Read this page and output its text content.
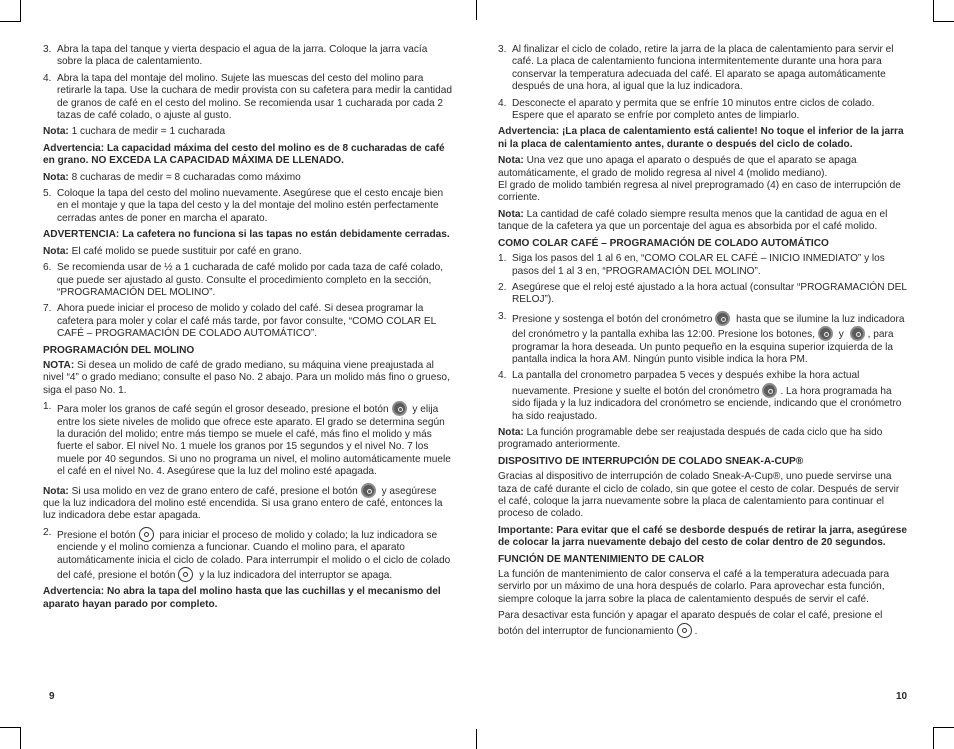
3. Abra la tapa del tanque y vierta despacio el agua de la jarra. Coloque la jarra vacía sobre la placa de calentamiento.
4. Abra la tapa del montaje del molino. Sujete las muescas del cesto del molino para retirarle la tapa. Use la cuchara de medir provista con su cafetera para medir la cantidad de granos de café en el cesto del molino. Se recomienda usar 1 cucharada por cada 2 tazas de café colado, o ajuste al gusto.

Nota: 1 cuchara de medir = 1 cucharada

Advertencia: La capacidad máxima del cesto del molino es de 8 cucharadas de café en grano. NO EXCEDA LA CAPACIDAD MÁXIMA DE LLENADO.

Nota: 8 cucharas de medir = 8 cucharadas como máximo

5. Coloque la tapa del cesto del molino nuevamente. Asegúrese que el cesto encaje bien en el montaje y que la tapa del cesto y la del montaje del molino estén perfectamente cerradas antes de poner en marcha el aparato.

ADVERTENCIA: La cafetera no funciona si las tapas no están debidamente cerradas.

Nota: El café molido se puede sustituir por café en grano.

6. Se recomienda usar de ½ a 1 cucharada de café molido por cada taza de café colado, que puede ser ajustado al gusto. Consulte el procedimiento completo en la sección, “PROGRAMACIÓN DEL MOLINO”.
7. Ahora puede iniciar el proceso de molido y colado del café. Si desea programar la cafetera para moler y colar el café más tarde, por favor consulte, “COMO COLAR EL CAFÉ – PROGRAMACIÓN DE COLADO AUTOMÁTICO”.

PROGRAMACIÓN DEL MOLINO

NOTA: Si desea un molido de café de grado mediano, su máquina viene preajustada al nivel “4” o grado mediano; consulte el paso No. 2 abajo. Para un molido más fino o grueso, siga el paso No. 1.

1. Para moler los granos de café según el grosor deseado, presione el botón y elija entre los siete niveles de molido que ofrece este aparato. El grado se determina según la duración del molido; entre más tiempo se muele el café, más fino el molido y más fuerte el sabor. El nivel No. 1 muele los granos por 15 segundos y el nivel No. 7 los muele por 40 segundos. Si uno no programa un nivel, el molino automáticamente muele el café en el nivel No. 4. Asegúrese que la luz del molino esté apagada.

Nota: Si usa molido en vez de grano entero de café, presione el botón y asegúrese que la luz indicadora del molino esté encendida. Si usa grano entero de café, entonces la luz indicadora debe estar apagada.

2. Presione el botón para iniciar el proceso de molido y colado; la luz indicadora se enciende y el molino comienza a funcionar. Cuando el molino para, el aparato automáticamente inicia el ciclo de colado. Para interrumpir el molido o el ciclo de colado del café, presione el botón y la luz indicadora del interruptor se apaga.

Advertencia: No abra la tapa del molino hasta que las cuchillas y el mecanismo del aparato hayan parado por completo.

3. Al finalizar el ciclo de colado, retire la jarra de la placa de calentamiento para servir el café. La placa de calentamiento funciona intermitentemente durante una hora para conservar la temperatura adecuada del café. El aparato se apaga automáticamente después de una hora, al igual que la luz indicadora.
4. Desconecte el aparato y permita que se enfríe 10 minutos entre ciclos de colado. Espere que el aparato se enfríe por completo antes de limpiarlo.

Advertencia: ¡La placa de calentamiento está caliente! No toque el inferior de la jarra ni la placa de calentamiento antes, durante o después del ciclo de colado.

Nota: Una vez que uno apaga el aparato o después de que el aparato se apaga automáticamente, el grado de molido regresa al nivel 4 (molido mediano).
El grado de molido también regresa al nivel preprogramado (4) en caso de interrupción de corriente.

Nota: La cantidad de café colado siempre resulta menos que la cantidad de agua en el tanque de la cafetera ya que un porcentaje del agua es absorbida por el café molido.

COMO COLAR CAFÉ – PROGRAMACIÓN DE COLADO AUTOMÁTICO

1. Siga los pasos del 1 al 6 en, “COMO COLAR EL CAFÉ – INICIO INMEDIATO” y los pasos del 1 al 3 en, “PROGRAMACIÓN DEL MOLINO”.
2. Asegúrese que el reloj esté ajustado a la hora actual (consultar “PROGRAMACIÓN DEL RELOJ”).
3. Presione y sostenga el botón del cronómetro hasta que se ilumine la luz indicadora del cronómetro y la pantalla exhiba las 12:00. Presione los botones, y , para programar la hora deseada. Un punto pequeño en la esquina superior izquierda de la pantalla indica la hora AM. Ningún punto visible indica la hora PM.
4. La pantalla del cronometro parpadea 5 veces y después exhibe la hora actual nuevamente. Presione y suelte el botón del cronómetro . La hora programada ha sido fijada y la luz indicadora del cronómetro se enciende, indicando que el cronómetro ha sido reajustado.

Nota: La función programable debe ser reajustada después de cada ciclo que ha sido programado anteriormente.

DISPOSITIVO DE INTERRUPCIÓN DE COLADO SNEAK-A-CUP®

Gracias al dispositivo de interrupción de colado Sneak-A-Cup®, uno puede servirse una taza de café durante el ciclo de colado, sin que gotee el cesto de colar. Después de servir el café, coloque la jarra nuevamente sobre la placa de calentamiento para continuar el proceso de colado.

Importante: Para evitar que el café se desborde después de retirar la jarra, asegúrese de colocar la jarra nuevamente debajo del cesto de colar dentro de 20 segundos.

FUNCIÓN DE MANTENIMIENTO DE CALOR

La función de mantenimiento de calor conserva el café a la temperatura adecuada para servirlo por un máximo de una hora después de colarlo. Para aprovechar esta función, siempre coloque la jarra sobre la placa de calentamiento después de servir el café.

Para desactivar esta función y apagar el aparato después de colar el café, presione el botón del interruptor de funcionamiento .

9	10
